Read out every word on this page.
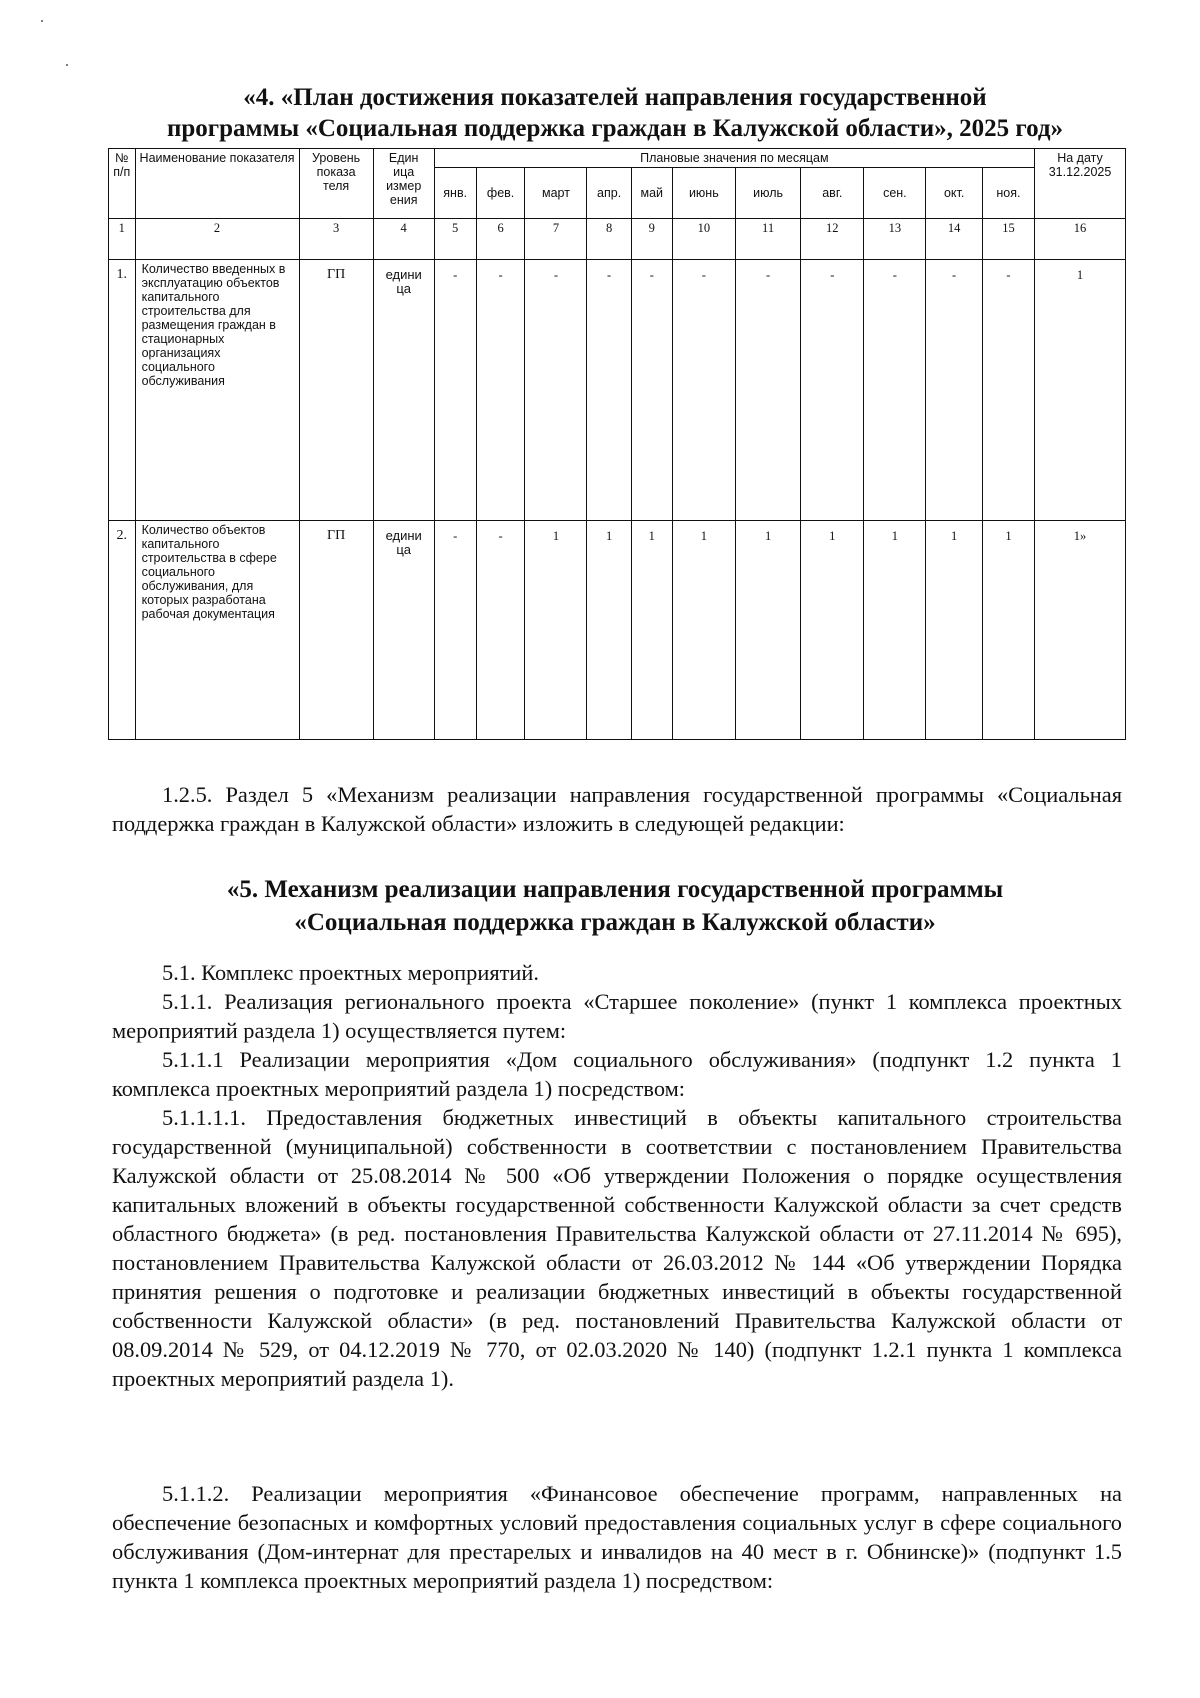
«4. «План достижения показателей направления государственной
программы «Социальная поддержка граждан в Калужской области», 2025 год»
№ п/п	Наименование показателя	Уровень показа теля	Един ица измер ения	Плановые значения по месяцам											На дату 31.12.2025
				янв.	фев.	март	апр.	май	июнь	июль	авг.	сен.	окт.	ноя.	
1	2	3	4	5	6	7	8	9	10	11	12	13	14	15	16
1.	Количество введенных в эксплуатацию объектов капитального строительства для размещения граждан в стационарных организациях социального обслуживания	ГП	едини ца	-	-	-	-	-	-	-	-	-	-	-	1
2.	Количество объектов капитального строительства в сфере социального обслуживания, для которых разработана рабочая документация	ГП	едини ца	-	-	1	1	1	1	1	1	1	1	1	1»
1.2.5. Раздел 5 «Механизм реализации направления государственной программы «Социальная поддержка граждан в Калужской области» изложить в следующей редакции:
«5. Механизм реализации направления государственной программы
«Социальная поддержка граждан в Калужской области»
5.1. Комплекс проектных мероприятий.
5.1.1. Реализация регионального проекта «Старшее поколение» (пункт 1 комплекса проектных мероприятий раздела 1) осуществляется путем:
5.1.1.1 Реализации мероприятия «Дом социального обслуживания» (подпункт 1.2 пункта 1 комплекса проектных мероприятий раздела 1) посредством:
5.1.1.1.1. Предоставления бюджетных инвестиций в объекты капитального строительства государственной (муниципальной) собственности в соответствии с постановлением Правительства Калужской области от 25.08.2014 № 500 «Об утверждении Положения о порядке осуществления капитальных вложений в объекты государственной собственности Калужской области за счет средств областного бюджета» (в ред. постановления Правительства Калужской области от 27.11.2014 № 695), постановлением Правительства Калужской области от 26.03.2012 № 144 «Об утверждении Порядка принятия решения о подготовке и реализации бюджетных инвестиций в объекты государственной собственности Калужской области» (в ред. постановлений Правительства Калужской области от 08.09.2014 № 529, от 04.12.2019 № 770, от 02.03.2020 № 140) (подпункт 1.2.1 пункта 1 комплекса проектных мероприятий раздела 1).
5.1.1.2. Реализации мероприятия «Финансовое обеспечение программ, направленных на обеспечение безопасных и комфортных условий предоставления социальных услуг в сфере социального обслуживания (Дом-интернат для престарелых и инвалидов на 40 мест в г. Обнинске)» (подпункт 1.5 пункта 1 комплекса проектных мероприятий раздела 1) посредством:
